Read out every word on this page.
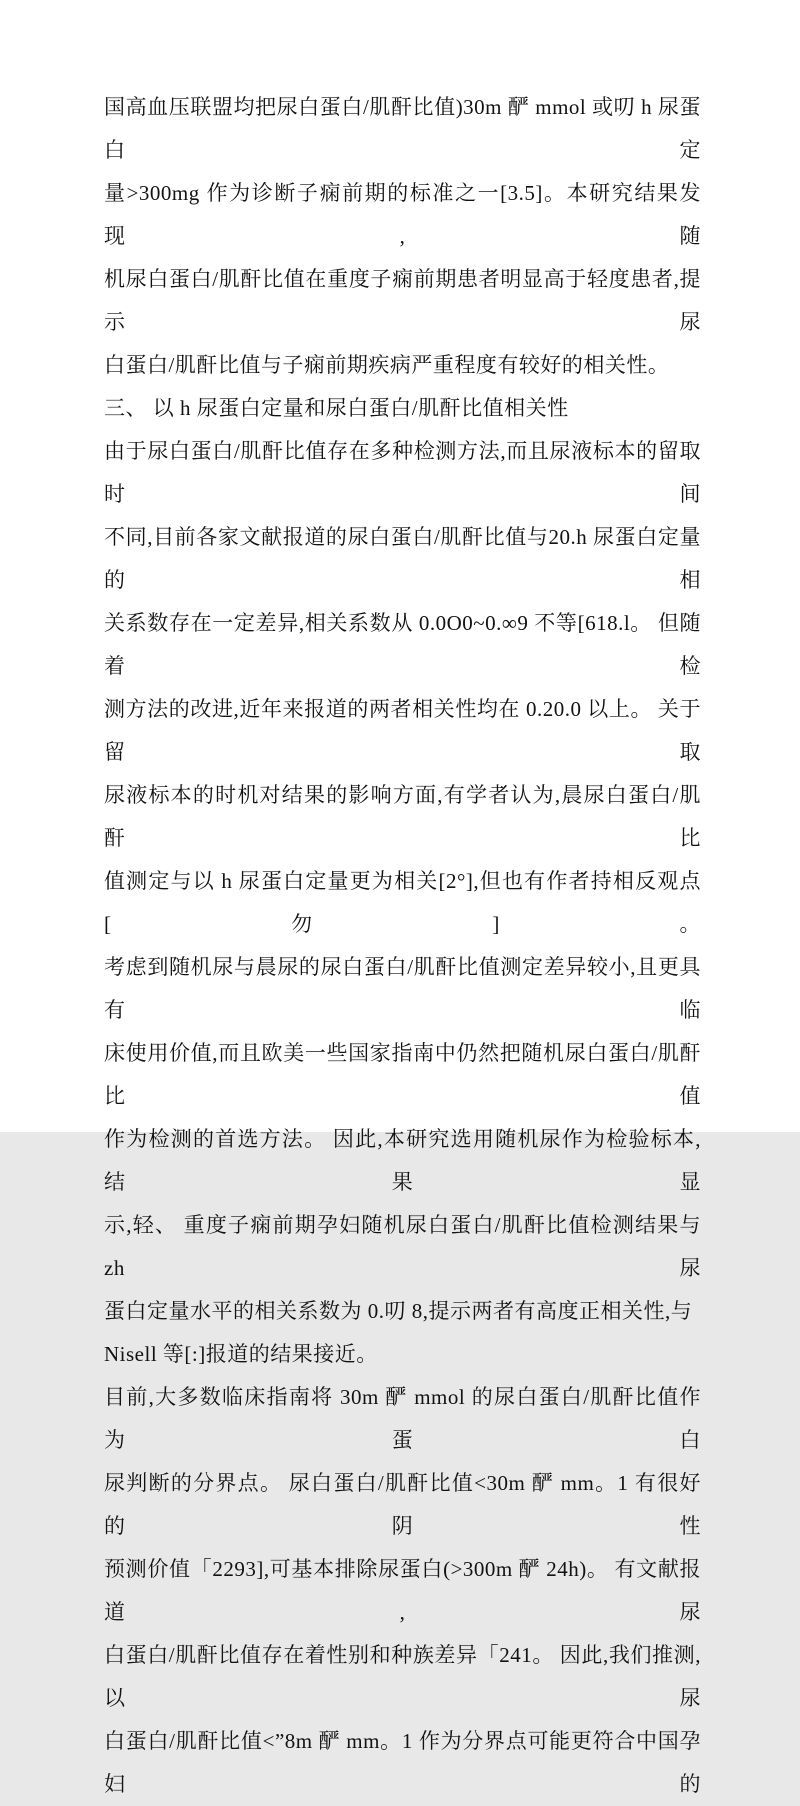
国高血压联盟均把尿白蛋白/肌酐比值)30m 酽 mmol 或叨 h 尿蛋白定
量>300mg 作为诊断子痫前期的标准之一[3.5]。本研究结果发现,随
机尿白蛋白/肌酐比值在重度子痫前期患者明显高于轻度患者,提示尿
白蛋白/肌酐比值与子痫前期疾病严重程度有较好的相关性。
三、 以 h 尿蛋白定量和尿白蛋白/肌酐比值相关性
由于尿白蛋白/肌酐比值存在多种检测方法,而且尿液标本的留取时间
不同,目前各家文献报道的尿白蛋白/肌酐比值与20.h 尿蛋白定量的相
关系数存在一定差异,相关系数从 0.0O0~0.∞9 不等[618.l。 但随着检
测方法的改进,近年来报道的两者相关性均在 0.20.0 以上。 关于留取
尿液标本的时机对结果的影响方面,有学者认为,晨尿白蛋白/肌酐比
值测定与以 h 尿蛋白定量更为相关[2°],但也有作者持相反观点[勿]。
考虑到随机尿与晨尿的尿白蛋白/肌酐比值测定差异较小,且更具有临
床使用价值,而且欧美一些国家指南中仍然把随机尿白蛋白/肌酐比值
作为检测的首选方法。 因此,本研究选用随机尿作为检验标本,结果显
示,轻、 重度子痫前期孕妇随机尿白蛋白/肌酐比值检测结果与 zh 尿
蛋白定量水平的相关系数为 0.叨 8,提示两者有高度正相关性,与
Nisell 等[:]报道的结果接近。
目前,大多数临床指南将 30m 酽 mmol 的尿白蛋白/肌酐比值作为蛋白
尿判断的分界点。 尿白蛋白/肌酐比值<30m 酽 mm。1 有很好的阴性
预测价值「2293],可基本排除尿蛋白(>300m 酽 24h)。 有文献报道,尿
白蛋白/肌酐比值存在着性别和种族差异「241。 因此,我们推测,以尿
白蛋白/肌酐比值<”8m 酽 mm。1 作为分界点可能更符合中国孕妇的
